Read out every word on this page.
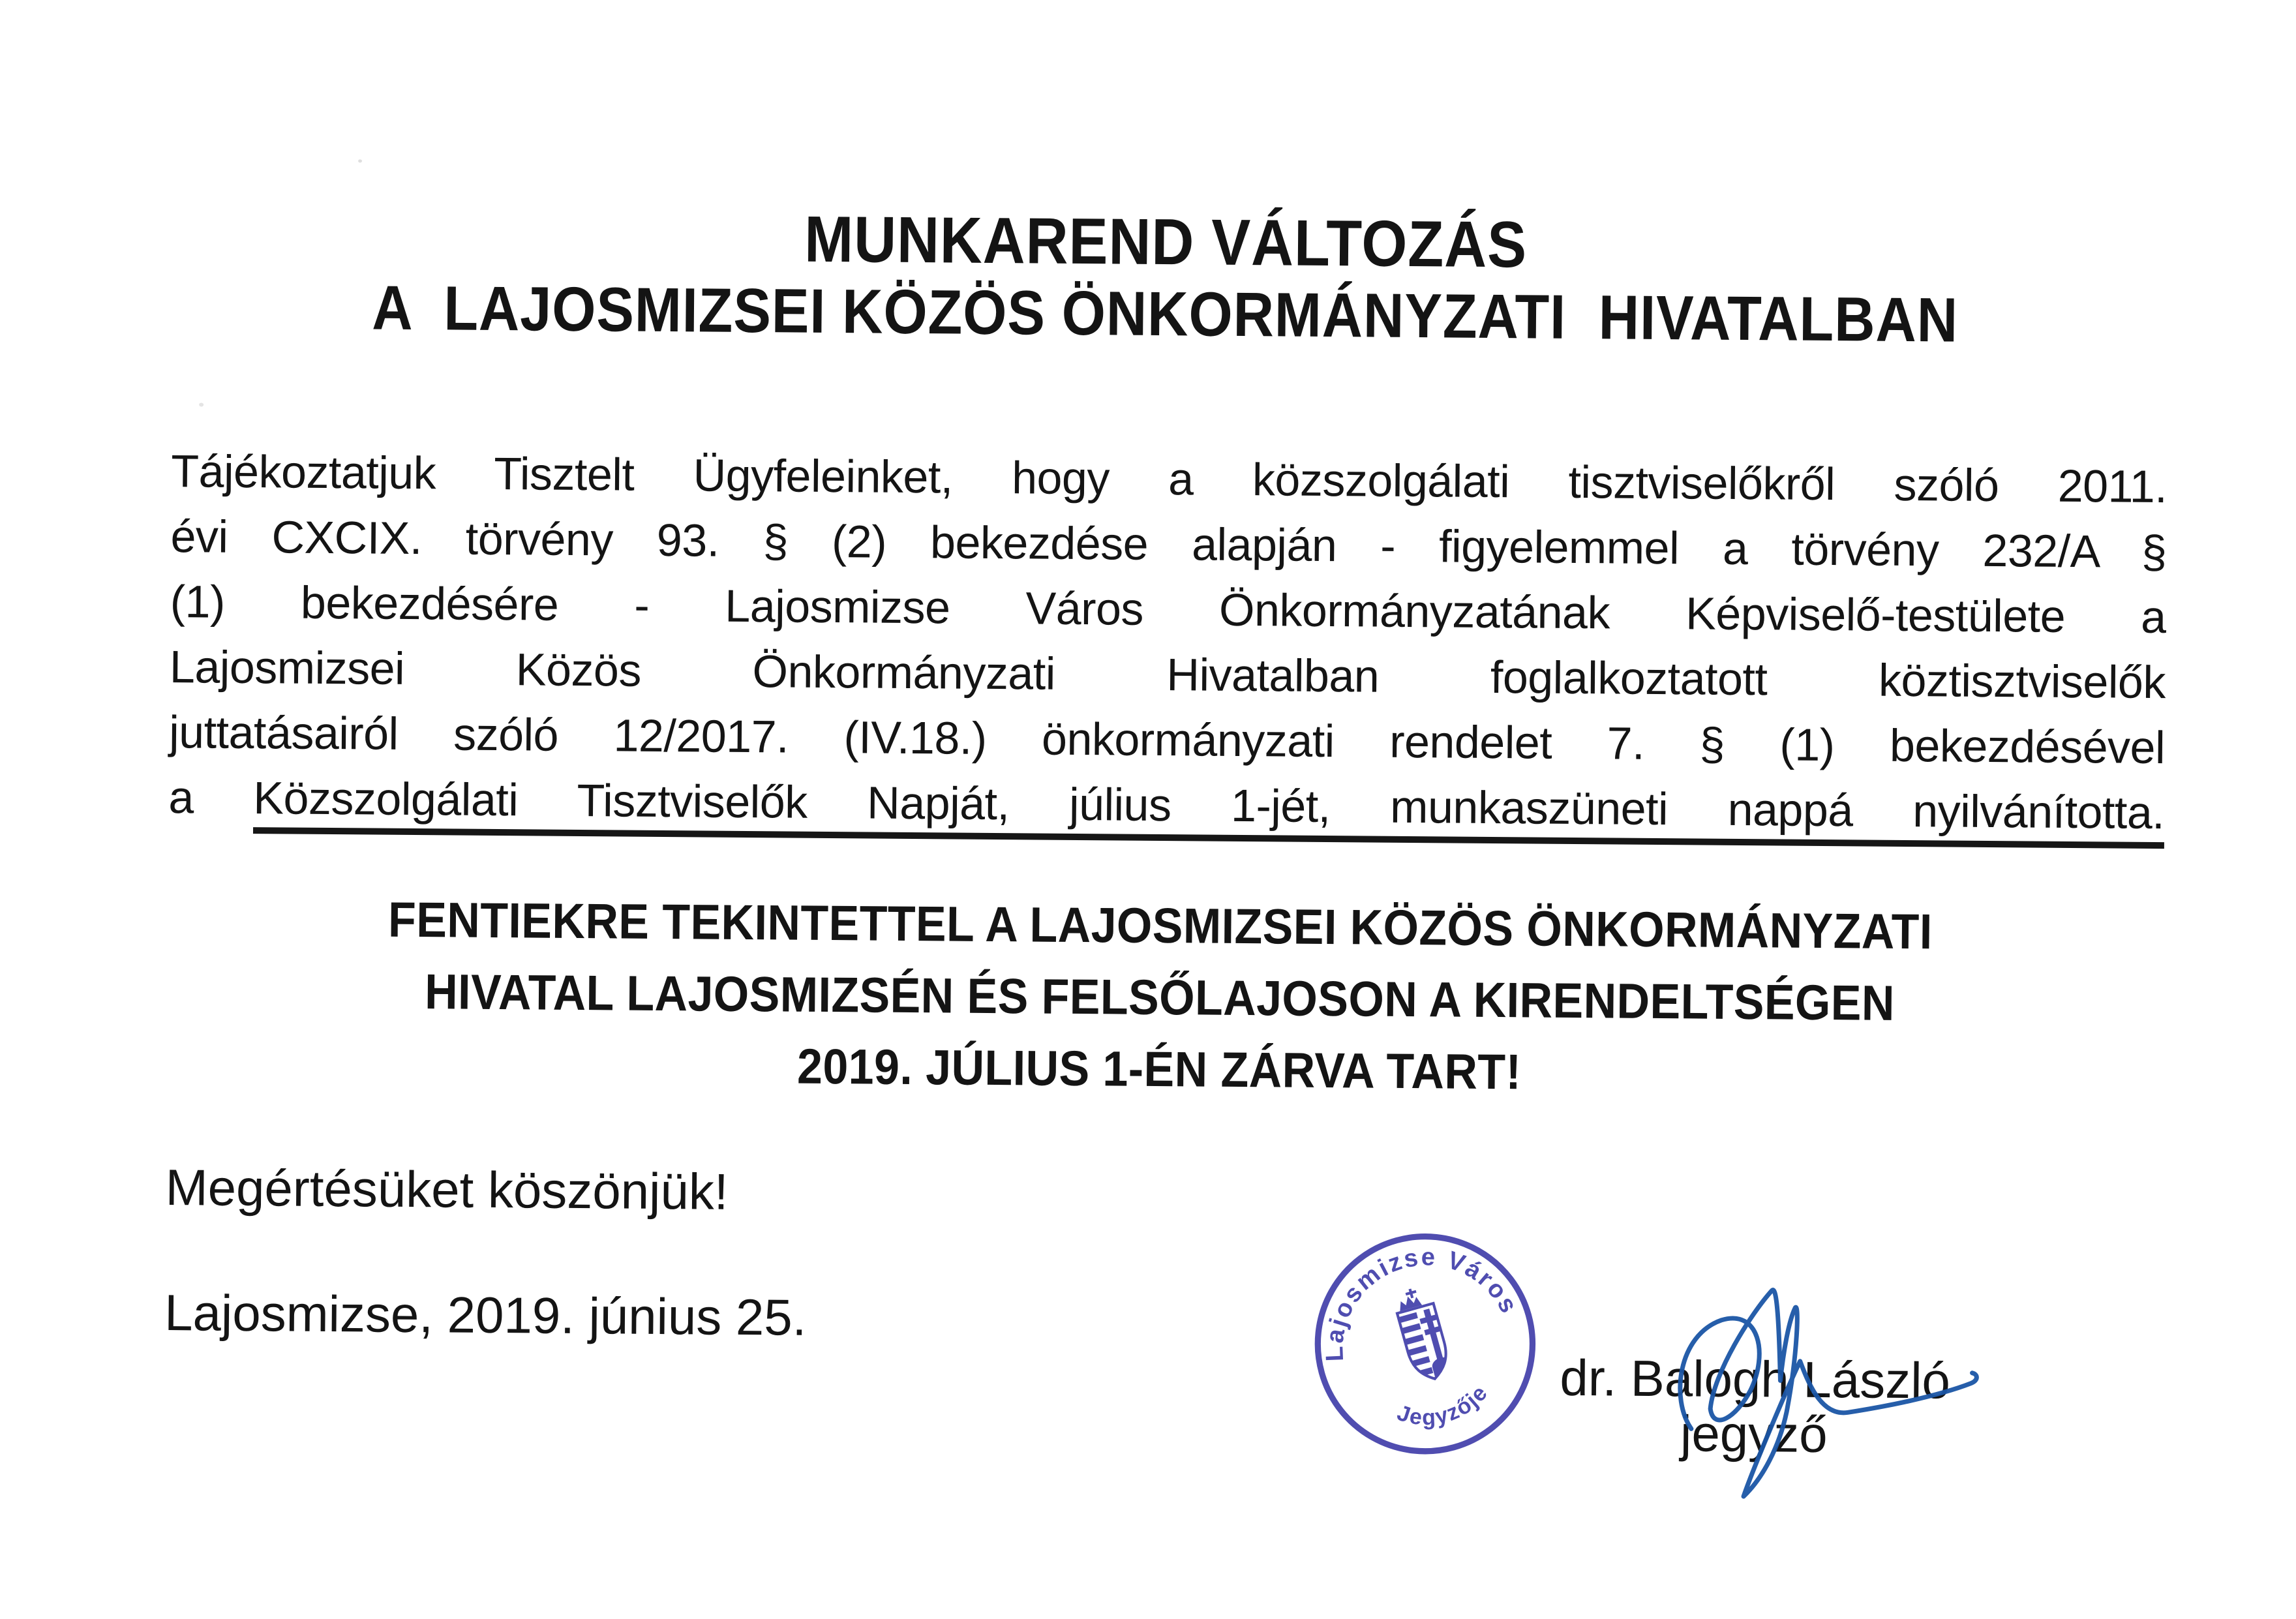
MUNKAREND VÁLTOZÁS
A  LAJOSMIZSEI KÖZÖS ÖNKORMÁNYZATI  HIVATALBAN
Tájékoztatjuk Tisztelt Ügyfeleinket, hogy a közszolgálati tisztviselőkről szóló 2011.
évi CXCIX. törvény 93. § (2) bekezdése alapján - figyelemmel a törvény 232/A §
(1) bekezdésére - Lajosmizse Város Önkormányzatának Képviselő-testülete a
Lajosmizsei Közös Önkormányzati Hivatalban foglalkoztatott köztisztviselők
juttatásairól szóló 12/2017. (IV.18.) önkormányzati rendelet 7. § (1) bekezdésével
a Közszolgálati Tisztviselők Napját, július 1-jét, munkaszüneti nappá nyilvánította.
FENTIEKRE TEKINTETTEL A LAJOSMIZSEI KÖZÖS ÖNKORMÁNYZATI
HIVATAL LAJOSMIZSÉN ÉS FELSŐLAJOSON A KIRENDELTSÉGEN
2019. JÚLIUS 1-ÉN ZÁRVA TART!
Megértésüket köszönjük!
Lajosmizse, 2019. június 25.
Lajosmizse Város
Jegyzője dr. Balogh László
jegyző
